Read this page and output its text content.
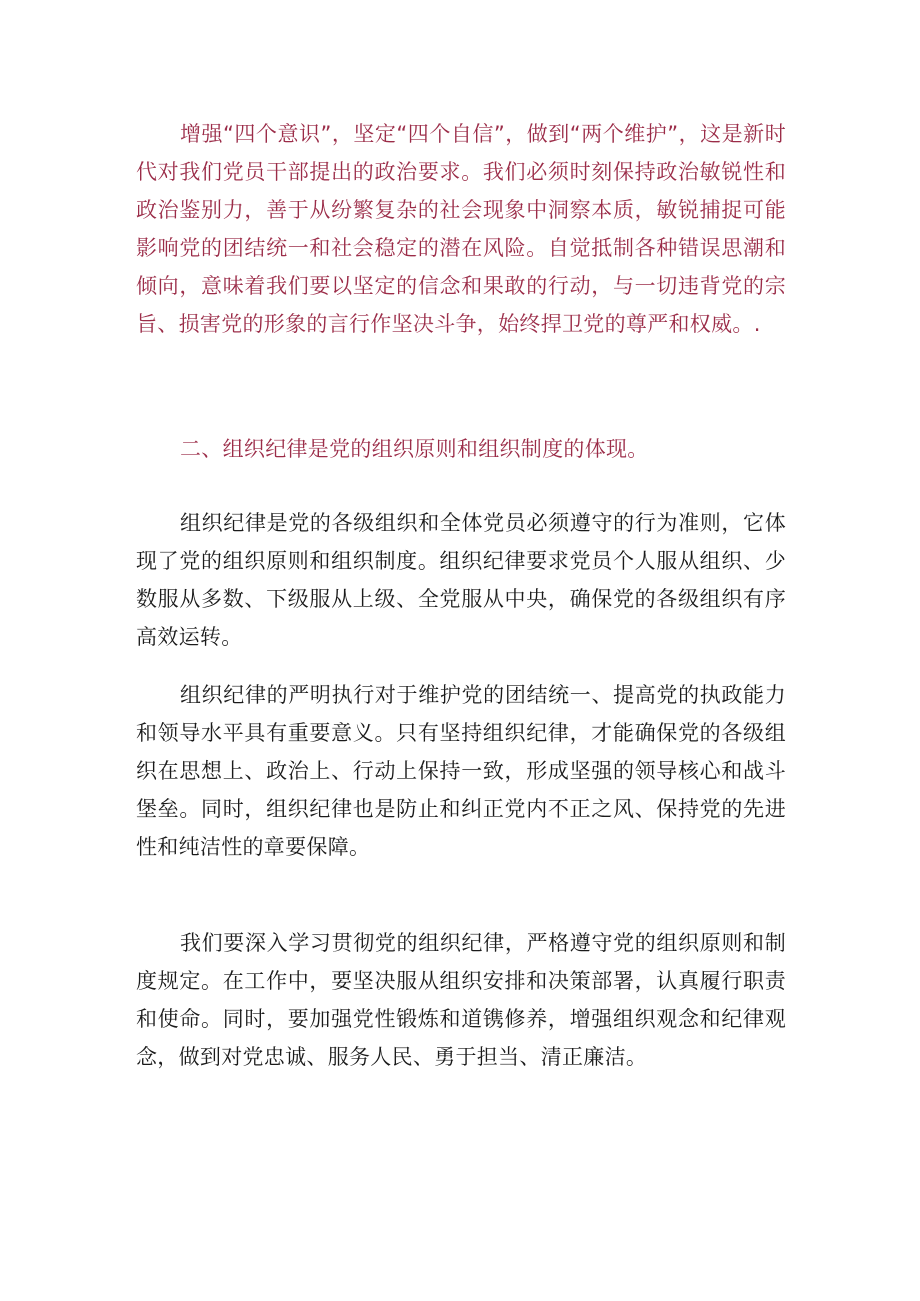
增强“四个意识”，坚定“四个自信”，做到“两个维护”，这是新时代对我们党员干部提出的政治要求。我们必须时刻保持政治敏锐性和政治鉴别力，善于从纷繁复杂的社会现象中洞察本质，敏锐捕捉可能影响党的团结统一和社会稳定的潜在风险。自觉抵制各种错误思潮和倾向，意味着我们要以坚定的信念和果敢的行动，与一切违背党的宗旨、损害党的形象的言行作坚决斗争，始终捍卫党的尊严和权威。.

二、组织纪律是党的组织原则和组织制度的体现。

组织纪律是党的各级组织和全体党员必须遵守的行为准则，它体现了党的组织原则和组织制度。组织纪律要求党员个人服从组织、少数服从多数、下级服从上级、全党服从中央，确保党的各级组织有序高效运转。

组织纪律的严明执行对于维护党的团结统一、提高党的执政能力和领导水平具有重要意义。只有坚持组织纪律，才能确保党的各级组织在思想上、政治上、行动上保持一致，形成坚强的领导核心和战斗堡垒。同时，组织纪律也是防止和纠正党内不正之风、保持党的先进性和纯洁性的章要保障。

我们要深入学习贯彻党的组织纪律，严格遵守党的组织原则和制度规定。在工作中，要坚决服从组织安排和决策部署，认真履行职责和使命。同时，要加强党性锻炼和道镌修养，增强组织观念和纪律观念，做到对党忠诚、服务人民、勇于担当、清正廉洁。
